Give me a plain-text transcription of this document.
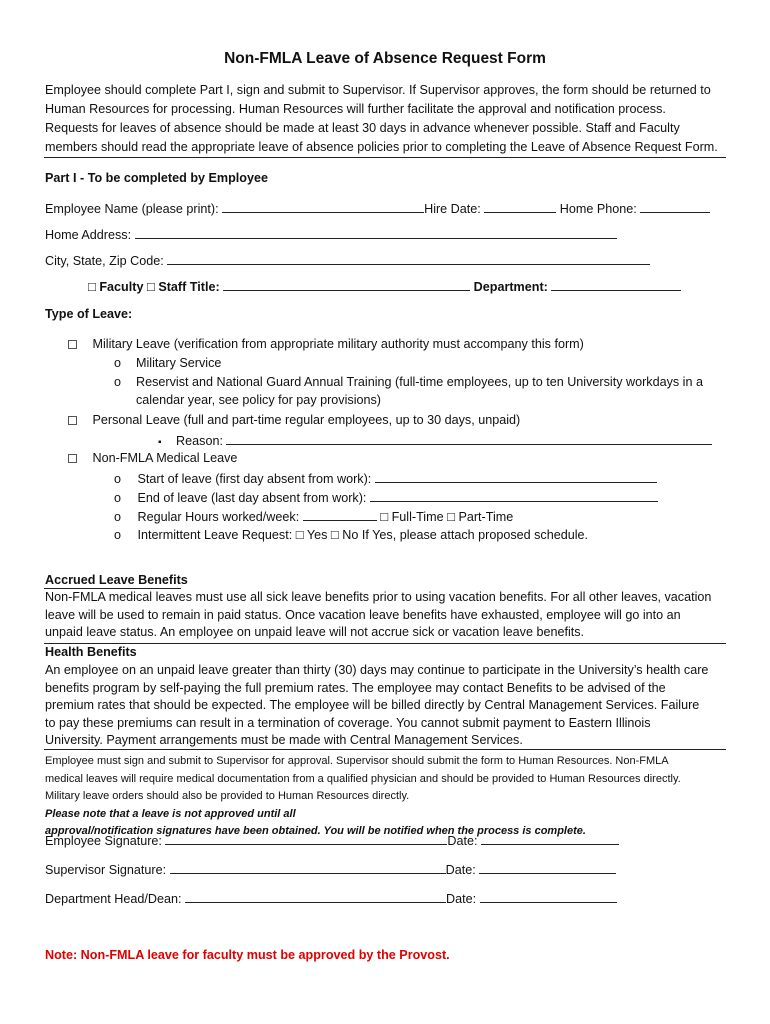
Non-FMLA Leave of Absence Request Form
Employee should complete Part I, sign and submit to Supervisor. If Supervisor approves, the form should be returned to
Human Resources for processing. Human Resources will further facilitate the approval and notification process.
Requests for leaves of absence should be made at least 30 days in advance whenever possible. Staff and Faculty
members should read the appropriate leave of absence policies prior to completing the Leave of Absence Request Form.
Part I - To be completed by Employee
Employee Name (please print):	Hire Date:	Home Phone:
Home Address:
City, State, Zip Code:
□ Faculty □ Staff Title:	Department:
Type of Leave:
Military Leave (verification from appropriate military authority must accompany this form)
o Military Service
o Reservist and National Guard Annual Training (full-time employees, up to ten University workdays in a
calendar year, see policy for pay provisions)
Personal Leave (full and part-time regular employees, up to 30 days, unpaid)
▪ Reason:
Non-FMLA Medical Leave
o Start of leave (first day absent from work):
o End of leave (last day absent from work):
o Regular Hours worked/week:	□ Full-Time □ Part-Time
o Intermittent Leave Request: □ Yes □ No If Yes, please attach proposed schedule.
Accrued Leave Benefits
Non-FMLA medical leaves must use all sick leave benefits prior to using vacation benefits. For all other leaves, vacation
leave will be used to remain in paid status. Once vacation leave benefits have exhausted, employee will go into an
unpaid leave status. An employee on unpaid leave will not accrue sick or vacation leave benefits.
Health Benefits
An employee on an unpaid leave greater than thirty (30) days may continue to participate in the University’s health care
benefits program by self-paying the full premium rates. The employee may contact Benefits to be advised of the
premium rates that should be expected. The employee will be billed directly by Central Management Services. Failure
to pay these premiums can result in a termination of coverage. You cannot submit payment to Eastern Illinois
University. Payment arrangements must be made with Central Management Services.
Employee must sign and submit to Supervisor for approval. Supervisor should submit the form to Human Resources. Non-FMLA
medical leaves will require medical documentation from a qualified physician and should be provided to Human Resources directly.
Military leave orders should also be provided to Human Resources directly.
Please note that a leave is not approved until all
approval/notification signatures have been obtained. You will be notified when the process is complete.
Employee Signature:	Date:
Supervisor Signature:	Date:
Department Head/Dean:	Date:
Note: Non-FMLA leave for faculty must be approved by the Provost.
